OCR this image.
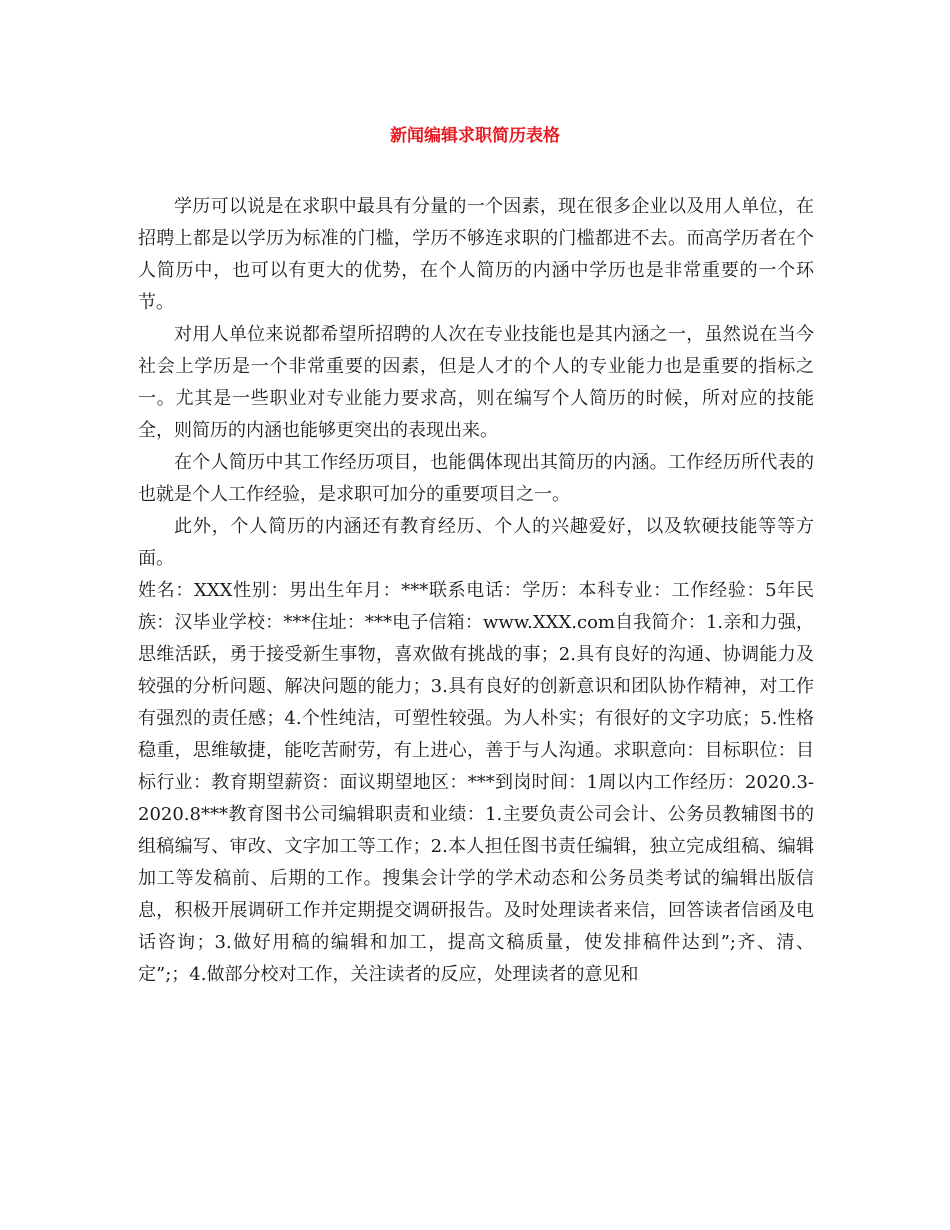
新闻编辑求职简历表格

学历可以说是在求职中最具有分量的一个因素，现在很多企业以及用人单位，在招聘上都是以学历为标准的门槛，学历不够连求职的门槛都进不去。而高学历者在个人简历中，也可以有更大的优势，在个人简历的内涵中学历也是非常重要的一个环节。

对用人单位来说都希望所招聘的人次在专业技能也是其内涵之一，虽然说在当今社会上学历是一个非常重要的因素，但是人才的个人的专业能力也是重要的指标之一。尤其是一些职业对专业能力要求高，则在编写个人简历的时候，所对应的技能全，则简历的内涵也能够更突出的表现出来。

在个人简历中其工作经历项目，也能偶体现出其简历的内涵。工作经历所代表的也就是个人工作经验，是求职可加分的重要项目之一。

此外，个人简历的内涵还有教育经历、个人的兴趣爱好，以及软硬技能等等方面。

姓名：XXX性别：男出生年月：***联系电话：学历：本科专业：工作经验：5年民族：汉毕业学校：***住址：***电子信箱：www.XXX.com自我简介：1.亲和力强，思维活跃，勇于接受新生事物，喜欢做有挑战的事；2.具有良好的沟通、协调能力及较强的分析问题、解决问题的能力；3.具有良好的创新意识和团队协作精神，对工作有强烈的责任感；4.个性纯洁，可塑性较强。为人朴实；有很好的文字功底；5.性格稳重，思维敏捷，能吃苦耐劳，有上进心，善于与人沟通。求职意向：目标职位：目标行业：教育期望薪资：面议期望地区：***到岗时间：1周以内工作经历：2020.3-2020.8***教育图书公司编辑职责和业绩：1.主要负责公司会计、公务员教辅图书的组稿编写、审改、文字加工等工作；2.本人担任图书责任编辑，独立完成组稿、编辑加工等发稿前、后期的工作。搜集会计学的学术动态和公务员类考试的编辑出版信息，积极开展调研工作并定期提交调研报告。及时处理读者来信，回答读者信函及电话咨询；3.做好用稿的编辑和加工，提高文稿质量，使发排稿件达到”;齐、清、定”;；4.做部分校对工作，关注读者的反应，处理读者的意见和
